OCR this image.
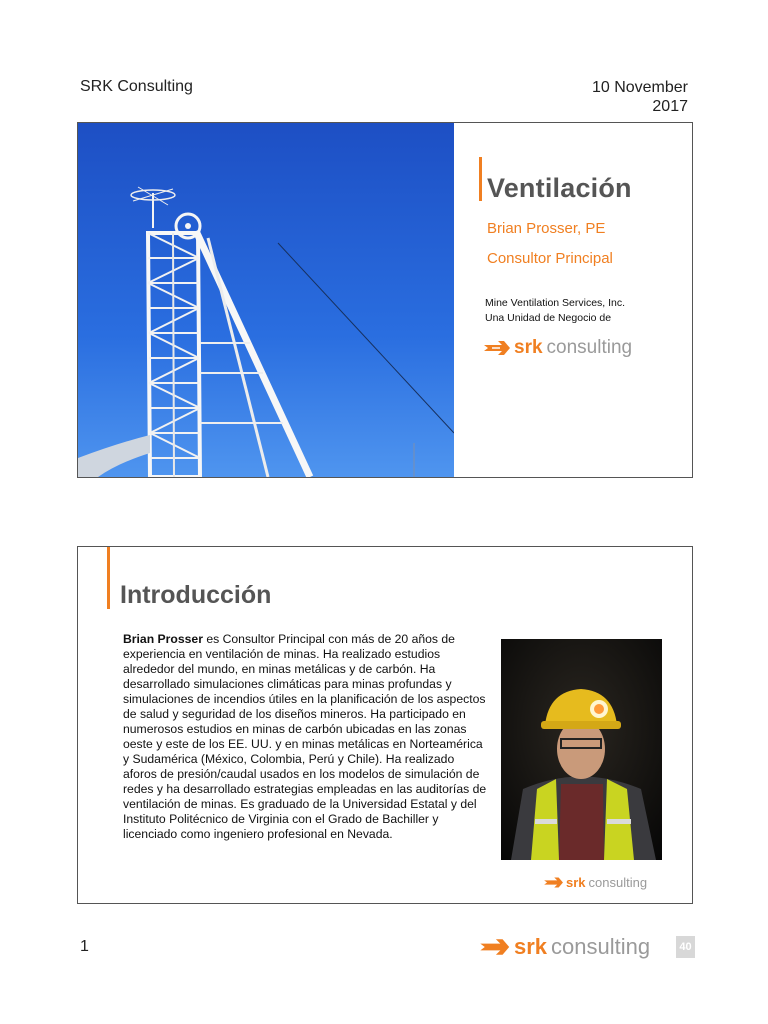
SRK Consulting	10 November
2017
Ventilación
Brian Prosser, PE
Consultor Principal
Mine Ventilation Services, Inc.
Una Unidad de Negocio de
srk consulting
Introducción
Brian Prosser es Consultor Principal con más de 20 años de experiencia en ventilación de minas. Ha realizado estudios alrededor del mundo, en minas metálicas y de carbón. Ha desarrollado simulaciones climáticas para minas profundas y simulaciones de incendios útiles en la planificación de los aspectos de salud y seguridad de los diseños mineros. Ha participado en numerosos estudios en minas de carbón ubicadas en las zonas oeste y este de los EE. UU. y en minas metálicas en Norteamérica y Sudamérica (México, Colombia, Perú y Chile). Ha realizado aforos de presión/caudal usados en los modelos de simulación de redes y ha desarrollado estrategias empleadas en las auditorías de ventilación de minas. Es graduado de la Universidad Estatal y del Instituto Politécnico de Virginia con el Grado de Bachiller y licenciado como ingeniero profesional en Nevada.
srk consulting
1	srk consulting	40
